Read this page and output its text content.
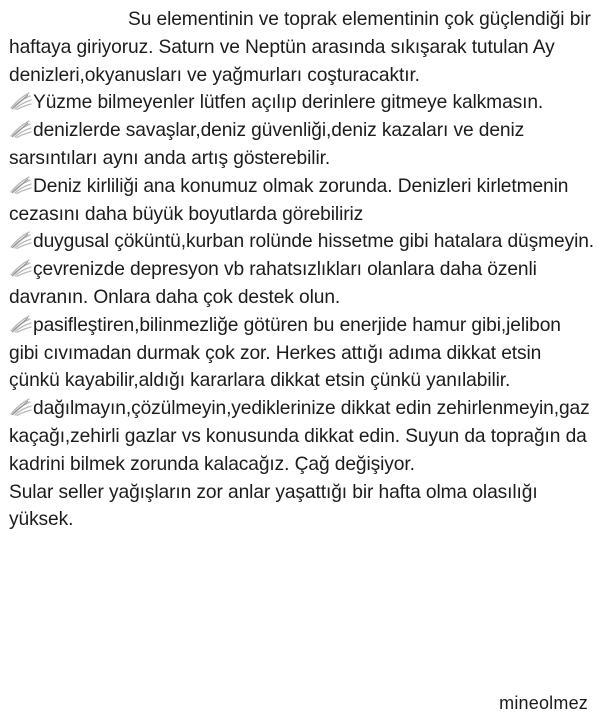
Su elementinin ve toprak elementinin çok güçlendiği bir haftaya giriyoruz. Saturn ve Neptün arasında sıkışarak tutulan Ay denizleri,okyanusları ve yağmurları coşturacaktır.

Yüzme bilmeyenler lütfen açılıp derinlere gitmeye kalkmasın.

denizlerde savaşlar,deniz güvenliği,deniz kazaları ve deniz sarsıntıları aynı anda artış gösterebilir.

Deniz kirliliği ana konumuz olmak zorunda. Denizleri kirletmenin cezasını daha büyük boyutlarda görebiliriz

duygusal çöküntü,kurban rolünde hissetme gibi hatalara düşmeyin.

çevrenizde depresyon vb rahatsızlıkları olanlara daha özenli davranın. Onlara daha çok destek olun.

pasifleştiren,bilinmezliğe götüren bu enerjide hamur gibi,jelibon gibi cıvımadan durmak çok zor. Herkes attığı adıma dikkat etsin çünkü kayabilir,aldığı kararlara dikkat etsin çünkü yanılabilir.

dağılmayın,çözülmeyin,yediklerinize dikkat edin zehirlenmeyin,gaz kaçağı,zehirli gazlar vs konusunda dikkat edin. Suyun da toprağın da kadrini bilmek zorunda kalacağız. Çağ değişiyor.

Sular seller yağışların zor anlar yaşattığı bir hafta olma olasılığı yüksek.

mineolmez
